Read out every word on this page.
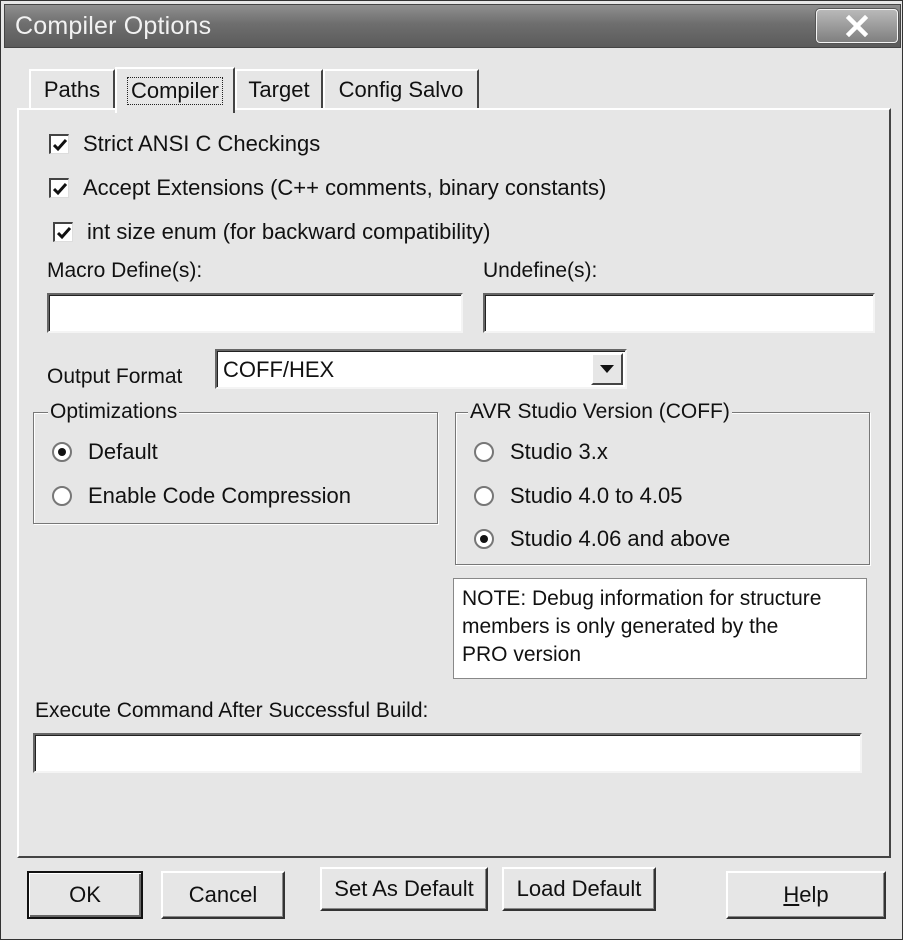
Compiler Options
Paths Compiler Target Config Salvo
Strict ANSI C Checkings
Accept Extensions (C++ comments, binary constants)
int size enum (for backward compatibility)
Macro Define(s):	Undefine(s):
Output Format COFF/HEX
Optimizations
Default
Enable Code Compression
AVR Studio Version (COFF)
Studio 3.x
Studio 4.0 to 4.05
Studio 4.06 and above
NOTE: Debug information for structure
members is only generated by the
PRO version
Execute Command After Successful Build:
OK	Cancel	Set As Default Load Default	Help
